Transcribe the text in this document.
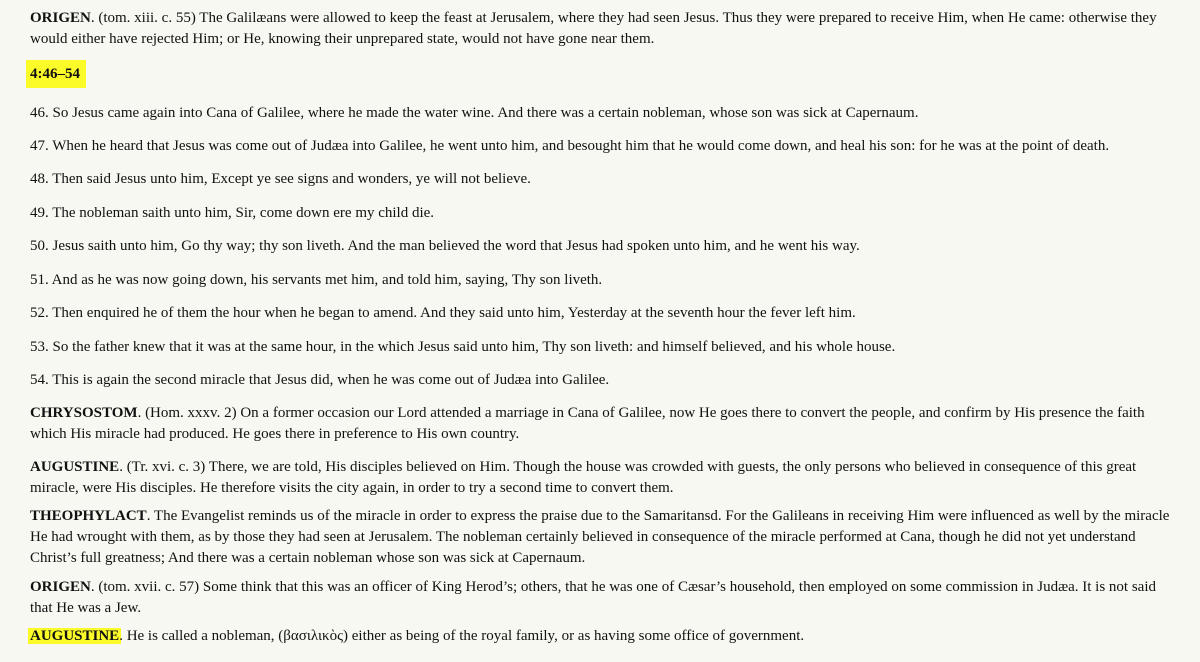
ORIGEN. (tom. xiii. c. 55) The Galilæans were allowed to keep the feast at Jerusalem, where they had seen Jesus. Thus they were prepared to receive Him, when He came: otherwise they would either have rejected Him; or He, knowing their unprepared state, would not have gone near them.

4:46–54

46. So Jesus came again into Cana of Galilee, where he made the water wine. And there was a certain nobleman, whose son was sick at Capernaum.

47. When he heard that Jesus was come out of Judæa into Galilee, he went unto him, and besought him that he would come down, and heal his son: for he was at the point of death.

48. Then said Jesus unto him, Except ye see signs and wonders, ye will not believe.

49. The nobleman saith unto him, Sir, come down ere my child die.

50. Jesus saith unto him, Go thy way; thy son liveth. And the man believed the word that Jesus had spoken unto him, and he went his way.

51. And as he was now going down, his servants met him, and told him, saying, Thy son liveth.

52. Then enquired he of them the hour when he began to amend. And they said unto him, Yesterday at the seventh hour the fever left him.

53. So the father knew that it was at the same hour, in the which Jesus said unto him, Thy son liveth: and himself believed, and his whole house.

54. This is again the second miracle that Jesus did, when he was come out of Judæa into Galilee.

CHRYSOSTOM. (Hom. xxxv. 2) On a former occasion our Lord attended a marriage in Cana of Galilee, now He goes there to convert the people, and confirm by His presence the faith which His miracle had produced. He goes there in preference to His own country.

AUGUSTINE. (Tr. xvi. c. 3) There, we are told, His disciples believed on Him. Though the house was crowded with guests, the only persons who believed in consequence of this great miracle, were His disciples. He therefore visits the city again, in order to try a second time to convert them.

THEOPHYLACT. The Evangelist reminds us of the miracle in order to express the praise due to the Samaritansd. For the Galileans in receiving Him were influenced as well by the miracle He had wrought with them, as by those they had seen at Jerusalem. The nobleman certainly believed in consequence of the miracle performed at Cana, though he did not yet understand Christ’s full greatness; And there was a certain nobleman whose son was sick at Capernaum.

ORIGEN. (tom. xvii. c. 57) Some think that this was an officer of King Herod’s; others, that he was one of Cæsar’s household, then employed on some commission in Judæa. It is not said that He was a Jew.

AUGUSTINE. He is called a nobleman, (βασιλικὸς) either as being of the royal family, or as having some office of government.
